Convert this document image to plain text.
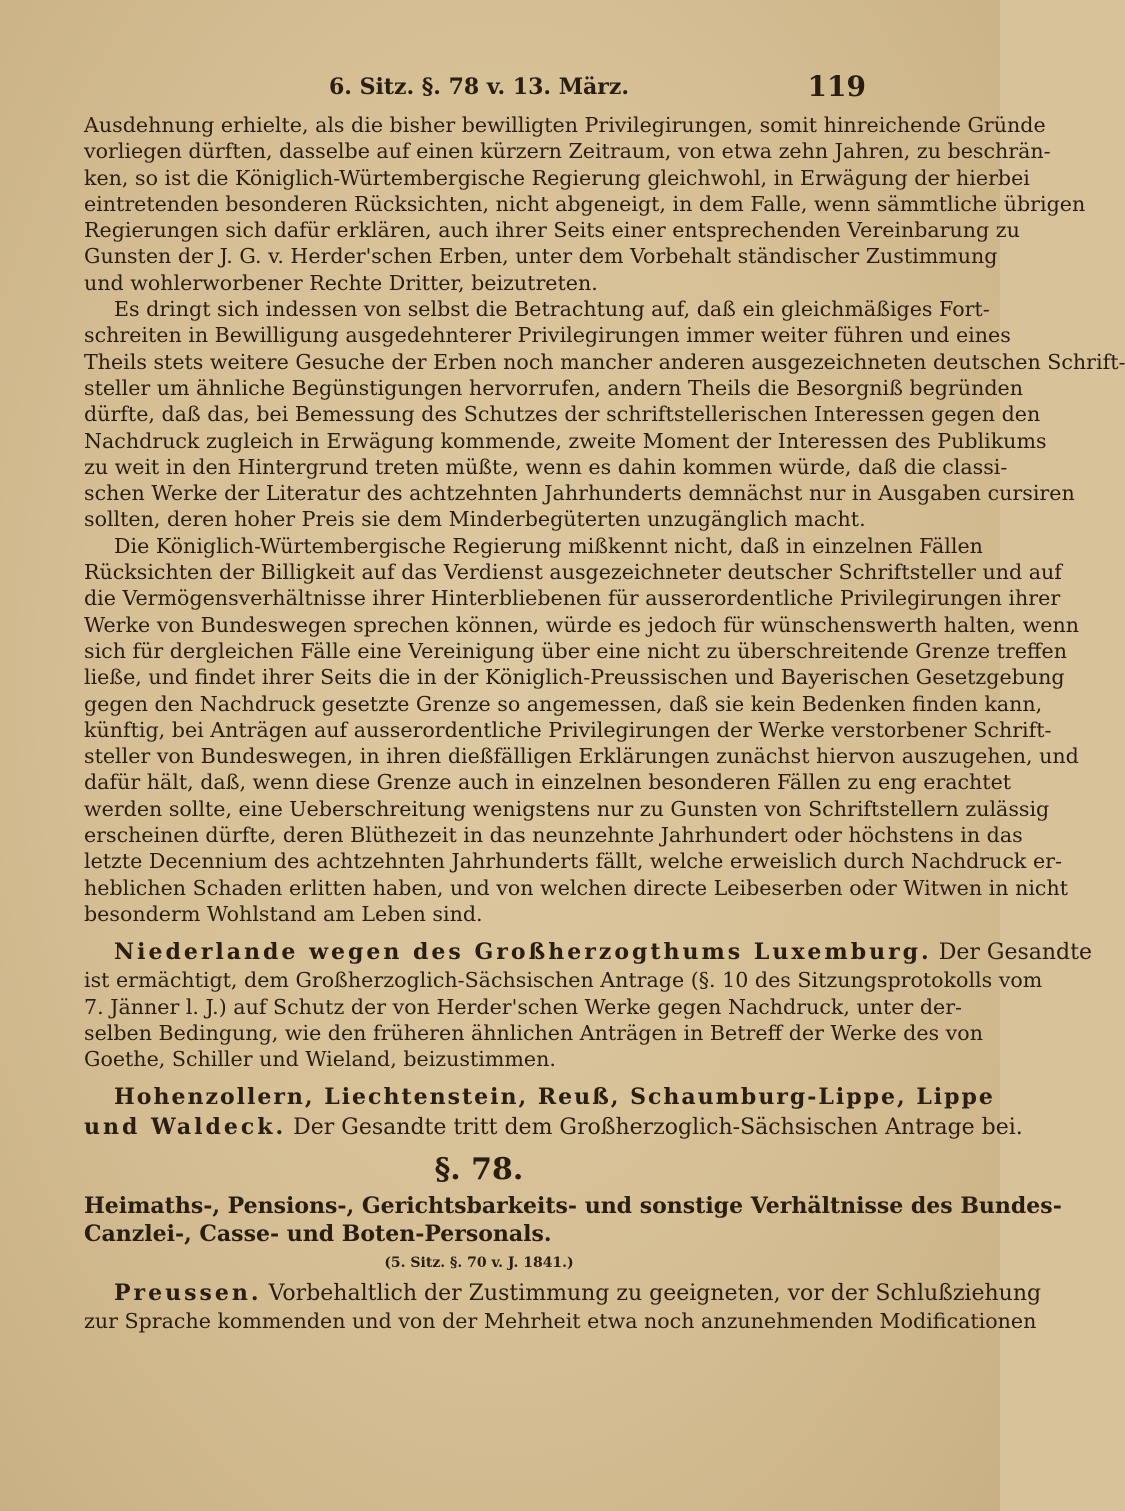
6. Sitz. §. 78 v. 13. März.	119
Ausdehnung erhielte, als die bisher bewilligten Privilegirungen, somit hinreichende Gründe
vorliegen dürften, dasselbe auf einen kürzern Zeitraum, von etwa zehn Jahren, zu beschrän-
ken, so ist die Königlich-Würtembergische Regierung gleichwohl, in Erwägung der hierbei
eintretenden besonderen Rücksichten, nicht abgeneigt, in dem Falle, wenn sämmtliche übrigen
Regierungen sich dafür erklären, auch ihrer Seits einer entsprechenden Vereinbarung zu
Gunsten der J. G. v. Herder'schen Erben, unter dem Vorbehalt ständischer Zustimmung
und wohlerworbener Rechte Dritter, beizutreten.
Es dringt sich indessen von selbst die Betrachtung auf, daß ein gleichmäßiges Fort-
schreiten in Bewilligung ausgedehnterer Privilegirungen immer weiter führen und eines
Theils stets weitere Gesuche der Erben noch mancher anderen ausgezeichneten deutschen Schrift-
steller um ähnliche Begünstigungen hervorrufen, andern Theils die Besorgniß begründen
dürfte, daß das, bei Bemessung des Schutzes der schriftstellerischen Interessen gegen den
Nachdruck zugleich in Erwägung kommende, zweite Moment der Interessen des Publikums
zu weit in den Hintergrund treten müßte, wenn es dahin kommen würde, daß die classi-
schen Werke der Literatur des achtzehnten Jahrhunderts demnächst nur in Ausgaben cursiren
sollten, deren hoher Preis sie dem Minderbegüterten unzugänglich macht.
Die Königlich-Würtembergische Regierung mißkennt nicht, daß in einzelnen Fällen
Rücksichten der Billigkeit auf das Verdienst ausgezeichneter deutscher Schriftsteller und auf
die Vermögensverhältnisse ihrer Hinterbliebenen für ausserordentliche Privilegirungen ihrer
Werke von Bundeswegen sprechen können, würde es jedoch für wünschenswerth halten, wenn
sich für dergleichen Fälle eine Vereinigung über eine nicht zu überschreitende Grenze treffen
ließe, und findet ihrer Seits die in der Königlich-Preussischen und Bayerischen Gesetzgebung
gegen den Nachdruck gesetzte Grenze so angemessen, daß sie kein Bedenken finden kann,
künftig, bei Anträgen auf ausserordentliche Privilegirungen der Werke verstorbener Schrift-
steller von Bundeswegen, in ihren dießfälligen Erklärungen zunächst hiervon auszugehen, und
dafür hält, daß, wenn diese Grenze auch in einzelnen besonderen Fällen zu eng erachtet
werden sollte, eine Ueberschreitung wenigstens nur zu Gunsten von Schriftstellern zulässig
erscheinen dürfte, deren Blüthezeit in das neunzehnte Jahrhundert oder höchstens in das
letzte Decennium des achtzehnten Jahrhunderts fällt, welche erweislich durch Nachdruck er-
heblichen Schaden erlitten haben, und von welchen directe Leibeserben oder Witwen in nicht
besonderm Wohlstand am Leben sind.
Niederlande wegen des Großherzogthums Luxemburg. Der Gesandte
ist ermächtigt, dem Großherzoglich-Sächsischen Antrage (§. 10 des Sitzungsprotokolls vom
7. Jänner l. J.) auf Schutz der von Herder'schen Werke gegen Nachdruck, unter der-
selben Bedingung, wie den früheren ähnlichen Anträgen in Betreff der Werke des von
Goethe, Schiller und Wieland, beizustimmen.
Hohenzollern, Liechtenstein, Reuß, Schaumburg-Lippe, Lippe
und Waldeck. Der Gesandte tritt dem Großherzoglich-Sächsischen Antrage bei.
§. 78.
Heimaths-, Pensions-, Gerichtsbarkeits- und sonstige Verhältnisse des Bundes-
Canzlei-, Casse- und Boten-Personals.
(5. Sitz. §. 70 v. J. 1841.)
Preussen. Vorbehaltlich der Zustimmung zu geeigneten, vor der Schlußziehung
zur Sprache kommenden und von der Mehrheit etwa noch anzunehmenden Modificationen
